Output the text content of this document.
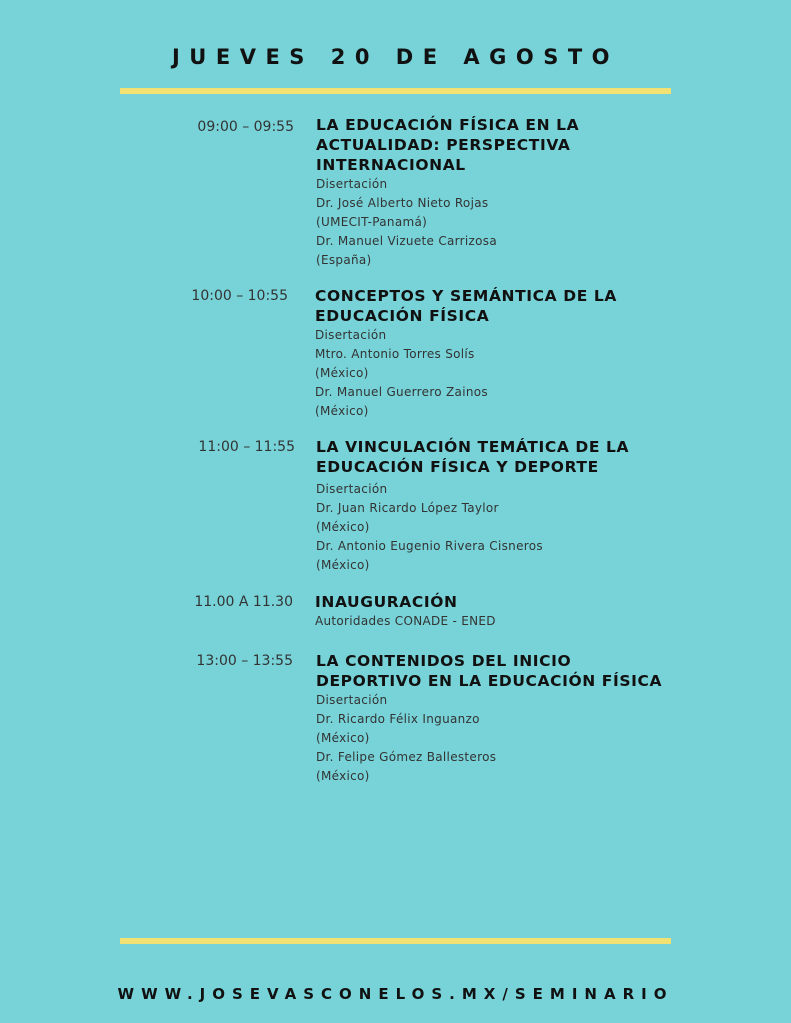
JUEVES 20 DE AGOSTO
09:00 – 09:55 LA EDUCACIÓN FÍSICA EN LA ACTUALIDAD: PERSPECTIVA INTERNACIONAL
Disertación
Dr. José Alberto Nieto Rojas
(UMECIT-Panamá)
Dr. Manuel Vizuete Carrizosa
(España)
10:00 – 10:55 CONCEPTOS Y SEMÁNTICA DE LA EDUCACIÓN FÍSICA
Disertación
Mtro. Antonio Torres Solís
(México)
Dr. Manuel Guerrero Zainos
(México)
11:00 – 11:55 LA VINCULACIÓN TEMÁTICA DE LA EDUCACIÓN FÍSICA Y DEPORTE
Disertación
Dr. Juan Ricardo López Taylor
(México)
Dr. Antonio Eugenio Rivera Cisneros
(México)
11.00 A 11.30 INAUGURACIÓN
Autoridades CONADE - ENED
13:00 – 13:55 LA CONTENIDOS DEL INICIO DEPORTIVO EN LA EDUCACIÓN FÍSICA
Disertación
Dr. Ricardo Félix Inguanzo
(México)
Dr. Felipe Gómez Ballesteros
(México)
WWW.JOSEVASCONELOS.MX/SEMINARIO
